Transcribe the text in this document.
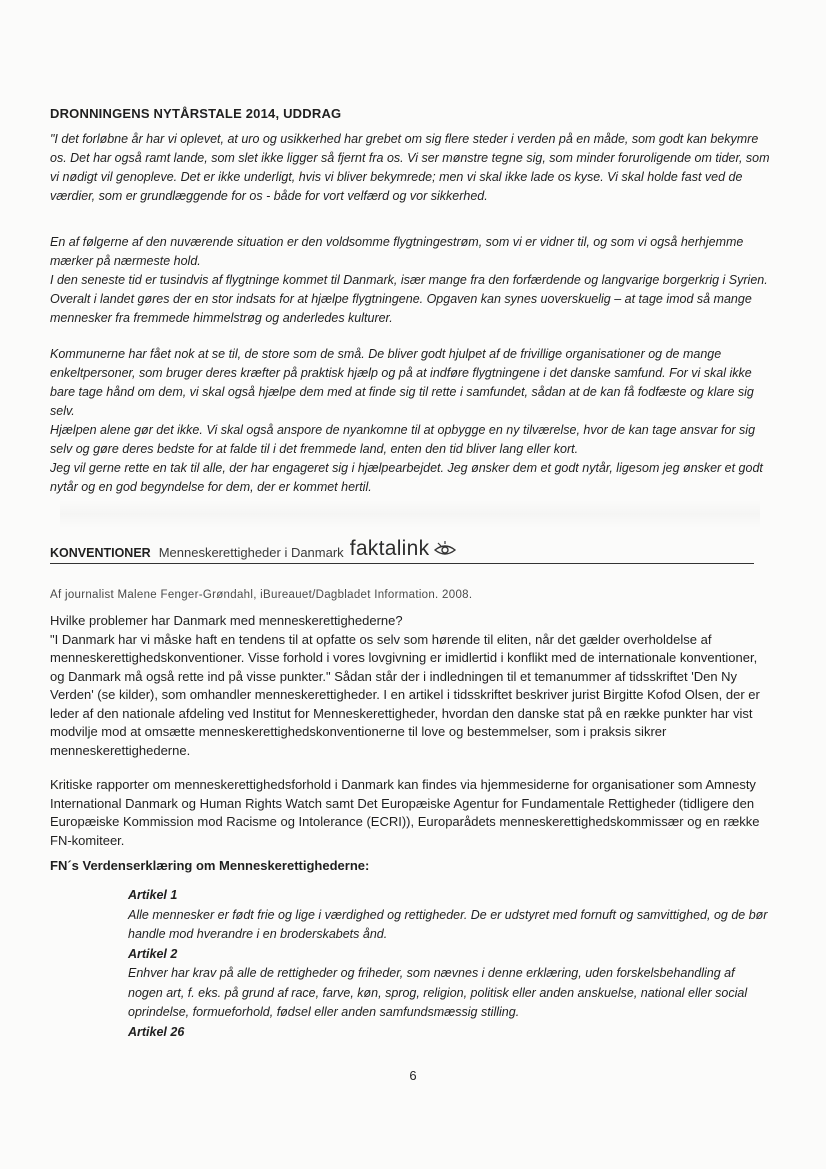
DRONNINGENS NYTÅRSTALE 2014, UDDRAG

"I det forløbne år har vi oplevet, at uro og usikkerhed har grebet om sig flere steder i verden på en måde, som godt kan bekymre os. Det har også ramt lande, som slet ikke ligger så fjernt fra os. Vi ser mønstre tegne sig, som minder foruroligende om tider, som vi nødigt vil genopleve. Det er ikke underligt, hvis vi bliver bekymrede; men vi skal ikke lade os kyse. Vi skal holde fast ved de værdier, som er grundlæggende for os - både for vort velfærd og vor sikkerhed.

En af følgerne af den nuværende situation er den voldsomme flygtningestrøm, som vi er vidner til, og som vi også herhjemme mærker på nærmeste hold.

I den seneste tid er tusindvis af flygtninge kommet til Danmark, især mange fra den forfærdende og langvarige borgerkrig i Syrien. Overalt i landet gøres der en stor indsats for at hjælpe flygtningene. Opgaven kan synes uoverskuelig – at tage imod så mange mennesker fra fremmede himmelstrøg og anderledes kulturer.

Kommunerne har fået nok at se til, de store som de små. De bliver godt hjulpet af de frivillige organisationer og de mange enkeltpersoner, som bruger deres kræfter på praktisk hjælp og på at indføre flygtningene i det danske samfund. For vi skal ikke bare tage hånd om dem, vi skal også hjælpe dem med at finde sig til rette i samfundet, sådan at de kan få fodfæste og klare sig selv.

Hjælpen alene gør det ikke. Vi skal også anspore de nyankomne til at opbygge en ny tilværelse, hvor de kan tage ansvar for sig selv og gøre deres bedste for at falde til i det fremmede land, enten den tid bliver lang eller kort.

Jeg vil gerne rette en tak til alle, der har engageret sig i hjælpearbejdet. Jeg ønsker dem et godt nytår, ligesom jeg ønsker et godt nytår og en god begyndelse for dem, der er kommet hertil.

KONVENTIONER Menneskerettigheder i Danmark faktalink
Af journalist Malene Fenger-Grøndahl, iBureauet/Dagbladet Information. 2008.

Hvilke problemer har Danmark med menneskerettighederne?

"I Danmark har vi måske haft en tendens til at opfatte os selv som hørende til eliten, når det gælder overholdelse af menneskerettighedskonventioner. Visse forhold i vores lovgivning er imidlertid i konflikt med de internationale konventioner, og Danmark må også rette ind på visse punkter." Sådan står der i indledningen til et temanummer af tidsskriftet 'Den Ny Verden' (se kilder), som omhandler menneskerettigheder. I en artikel i tidsskriftet beskriver jurist Birgitte Kofod Olsen, der er leder af den nationale afdeling ved Institut for Menneskerettigheder, hvordan den danske stat på en række punkter har vist modvilje mod at omsætte menneskerettighedskonventionerne til love og bestemmelser, som i praksis sikrer menneskerettighederne.

Kritiske rapporter om menneskerettighedsforhold i Danmark kan findes via hjemmesiderne for organisationer som Amnesty International Danmark og Human Rights Watch samt Det Europæiske Agentur for Fundamentale Rettigheder (tidligere den Europæiske Kommission mod Racisme og Intolerance (ECRI)), Europarådets menneskerettighedskommissær og en række FN-komiteer.

FN´s Verdenserklæring om Menneskerettighederne:

Artikel 1

Alle mennesker er født frie og lige i værdighed og rettigheder. De er udstyret med fornuft og samvittighed, og de bør handle mod hverandre i en broderskabets ånd.

Artikel 2

Enhver har krav på alle de rettigheder og friheder, som nævnes i denne erklæring, uden forskelsbehandling af nogen art, f. eks. på grund af race, farve, køn, sprog, religion, politisk eller anden anskuelse, national eller social oprindelse, formueforhold, fødsel eller anden samfundsmæssig stilling.

Artikel 26

6
